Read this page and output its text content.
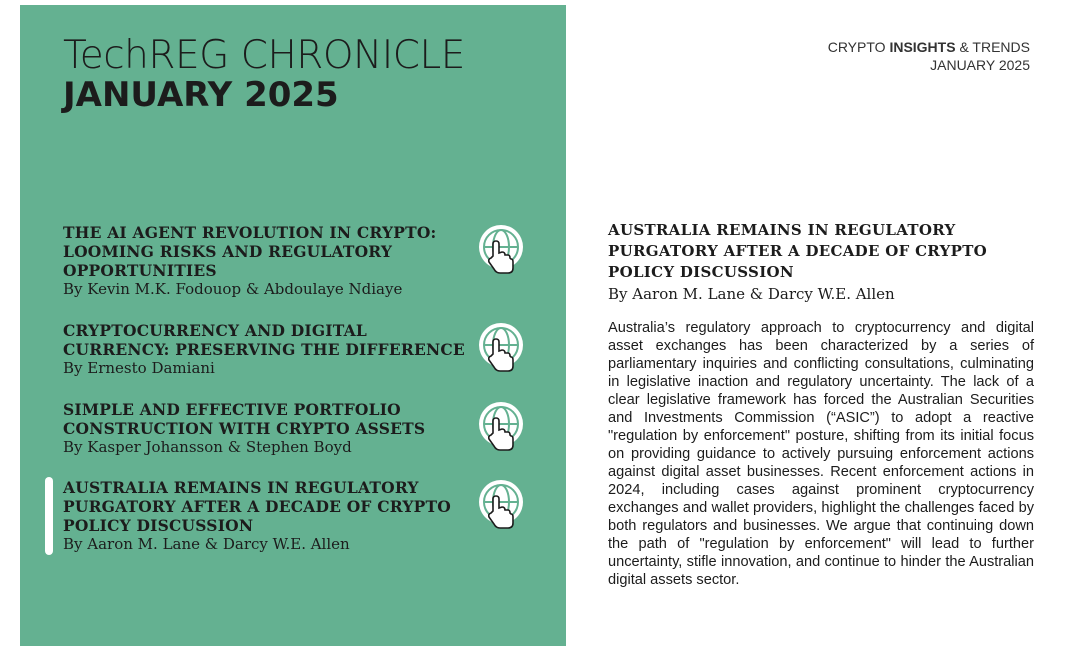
TechREG CHRONICLE
JANUARY 2025
THE AI AGENT REVOLUTION IN CRYPTO: LOOMING RISKS AND REGULATORY OPPORTUNITIES
By Kevin M.K. Fodouop & Abdoulaye Ndiaye
CRYPTOCURRENCY AND DIGITAL CURRENCY: PRESERVING THE DIFFERENCE
By Ernesto Damiani
SIMPLE AND EFFECTIVE PORTFOLIO CONSTRUCTION WITH CRYPTO ASSETS
By Kasper Johansson & Stephen Boyd
AUSTRALIA REMAINS IN REGULATORY PURGATORY AFTER A DECADE OF CRYPTO POLICY DISCUSSION
By Aaron M. Lane & Darcy W.E. Allen
CRYPTO INSIGHTS & TRENDS
JANUARY 2025
AUSTRALIA REMAINS IN REGULATORY PURGATORY AFTER A DECADE OF CRYPTO POLICY DISCUSSION
By Aaron M. Lane & Darcy W.E. Allen
Australia’s regulatory approach to cryptocurrency and digital asset exchanges has been characterized by a series of parliamentary inquiries and conflicting consultations, culminating in legislative inaction and regulatory uncertainty. The lack of a clear legislative framework has forced the Australian Securities and Investments Commission (“ASIC”) to adopt a reactive "regulation by enforcement" posture, shifting from its initial focus on providing guidance to actively pursuing enforcement actions against digital asset businesses. Recent enforcement actions in 2024, including cases against prominent cryptocurrency exchanges and wallet providers, highlight the challenges faced by both regulators and businesses. We argue that continuing down the path of "regulation by enforcement" will lead to further uncertainty, stifle innovation, and continue to hinder the Australian digital assets sector.
